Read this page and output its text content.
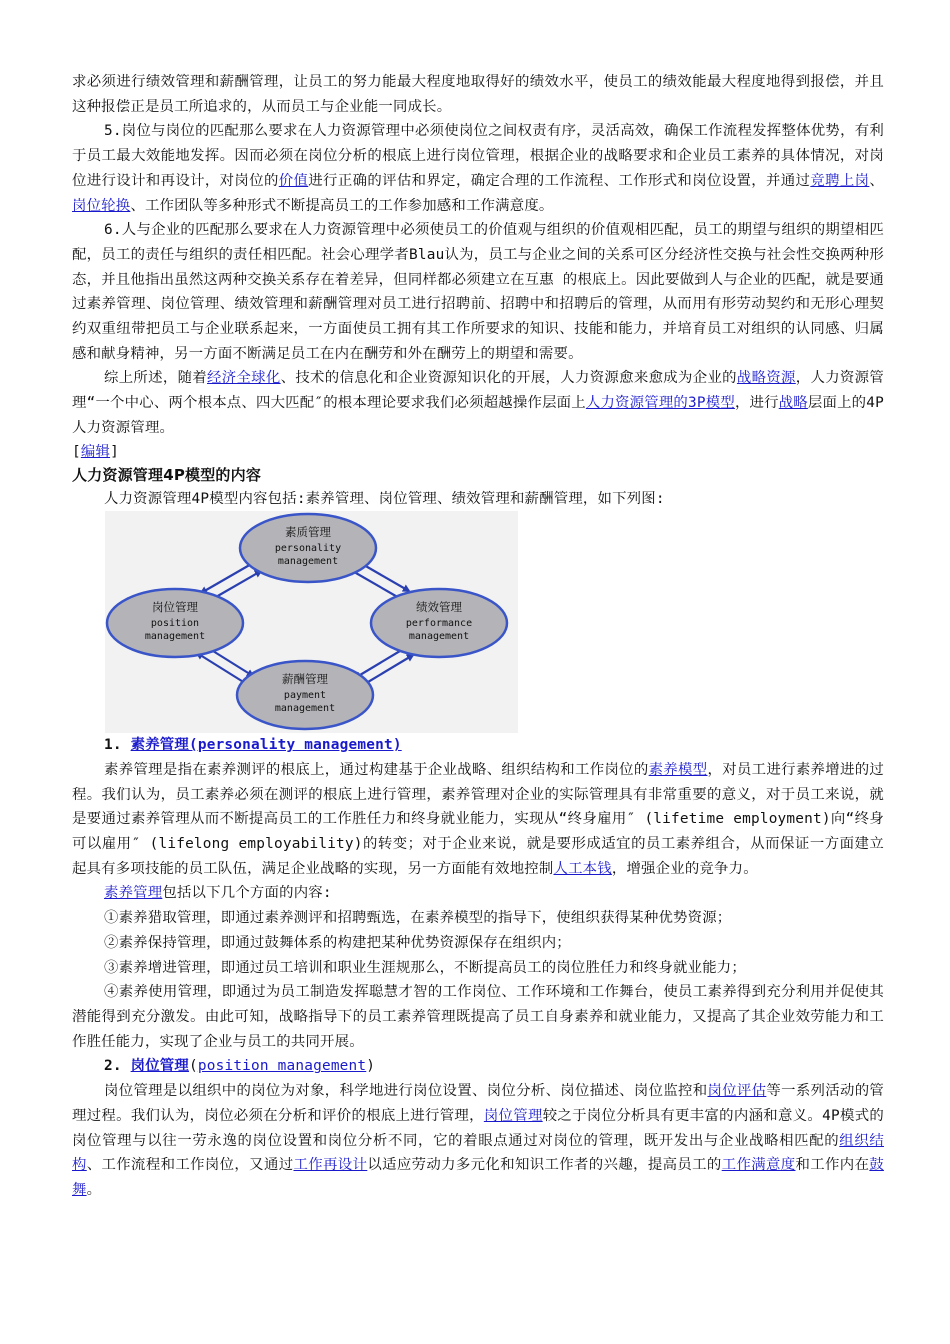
求必须进行绩效管理和薪酬管理，让员工的努力能最大程度地取得好的绩效水平，使员工的绩效能最大程度地得到报偿，并且这种报偿正是员工所追求的，从而员工与企业能一同成长。

5.岗位与岗位的匹配那么要求在人力资源管理中必须使岗位之间权责有序，灵活高效，确保工作流程发挥整体优势，有利于员工最大效能地发挥。因而必须在岗位分析的根底上进行岗位管理，根据企业的战略要求和企业员工素养的具体情况，对岗位进行设计和再设计，对岗位的价值进行正确的评估和界定，确定合理的工作流程、工作形式和岗位设置，并通过竞聘上岗、岗位轮换、工作团队等多种形式不断提高员工的工作参加感和工作满意度。

6.人与企业的匹配那么要求在人力资源管理中必须使员工的价值观与组织的价值观相匹配，员工的期望与组织的期望相匹配，员工的责任与组织的责任相匹配。社会心理学者Blau认为，员工与企业之间的关系可区分经济性交换与社会性交换两种形态，并且他指出虽然这两种交换关系存在着差异，但同样都必须建立在互惠 的根底上。因此要做到人与企业的匹配，就是要通过素养管理、岗位管理、绩效管理和薪酬管理对员工进行招聘前、招聘中和招聘后的管理，从而用有形劳动契约和无形心理契约双重纽带把员工与企业联系起来，一方面使员工拥有其工作所要求的知识、技能和能力，并培育员工对组织的认同感、归属感和献身精神，另一方面不断满足员工在内在酬劳和外在酬劳上的期望和需要。

综上所述，随着经济全球化、技术的信息化和企业资源知识化的开展，人力资源愈来愈成为企业的战略资源，人力资源管理“一个中心、两个根本点、四大匹配″的根本理论要求我们必须超越操作层面上人力资源管理的3P模型，进行战略层面上的4P人力资源管理。

[编辑]

人力资源管理4P模型的内容

人力资源管理4P模型内容包括:素养管理、岗位管理、绩效管理和薪酬管理，如下列图:

素质管理
personality
management
岗位管理
position
management
绩效管理
performance
management
薪酬管理
payment
management

1. 素养管理(personality management)

素养管理是指在素养测评的根底上，通过构建基于企业战略、组织结构和工作岗位的素养模型，对员工进行素养增进的过程。我们认为，员工素养必须在测评的根底上进行管理，素养管理对企业的实际管理具有非常重要的意义，对于员工来说，就是要通过素养管理从而不断提高员工的工作胜任力和终身就业能力，实现从“终身雇用″ (lifetime employment)向“终身可以雇用″ (lifelong employability)的转变；对于企业来说，就是要形成适宜的员工素养组合，从而保证一方面建立起具有多项技能的员工队伍，满足企业战略的实现，另一方面能有效地控制人工本钱，增强企业的竞争力。

素养管理包括以下几个方面的内容:

①素养猎取管理，即通过素养测评和招聘甄选，在素养模型的指导下，使组织获得某种优势资源；

②素养保持管理，即通过鼓舞体系的构建把某种优势资源保存在组织内；

③素养增进管理，即通过员工培训和职业生涯规那么，不断提高员工的岗位胜任力和终身就业能力；

④素养使用管理，即通过为员工制造发挥聪慧才智的工作岗位、工作环境和工作舞台，使员工素养得到充分利用并促使其潜能得到充分激发。由此可知，战略指导下的员工素养管理既提高了员工自身素养和就业能力，又提高了其企业效劳能力和工作胜任能力，实现了企业与员工的共同开展。

2. 岗位管理(position management)

岗位管理是以组织中的岗位为对象，科学地进行岗位设置、岗位分析、岗位描述、岗位监控和岗位评估等一系列活动的管理过程。我们认为，岗位必须在分析和评价的根底上进行管理，岗位管理较之于岗位分析具有更丰富的内涵和意义。4P模式的岗位管理与以往一劳永逸的岗位设置和岗位分析不同，它的着眼点通过对岗位的管理，既开发出与企业战略相匹配的组织结构、工作流程和工作岗位，又通过工作再设计以适应劳动力多元化和知识工作者的兴趣，提高员工的工作满意度和工作内在鼓舞。
